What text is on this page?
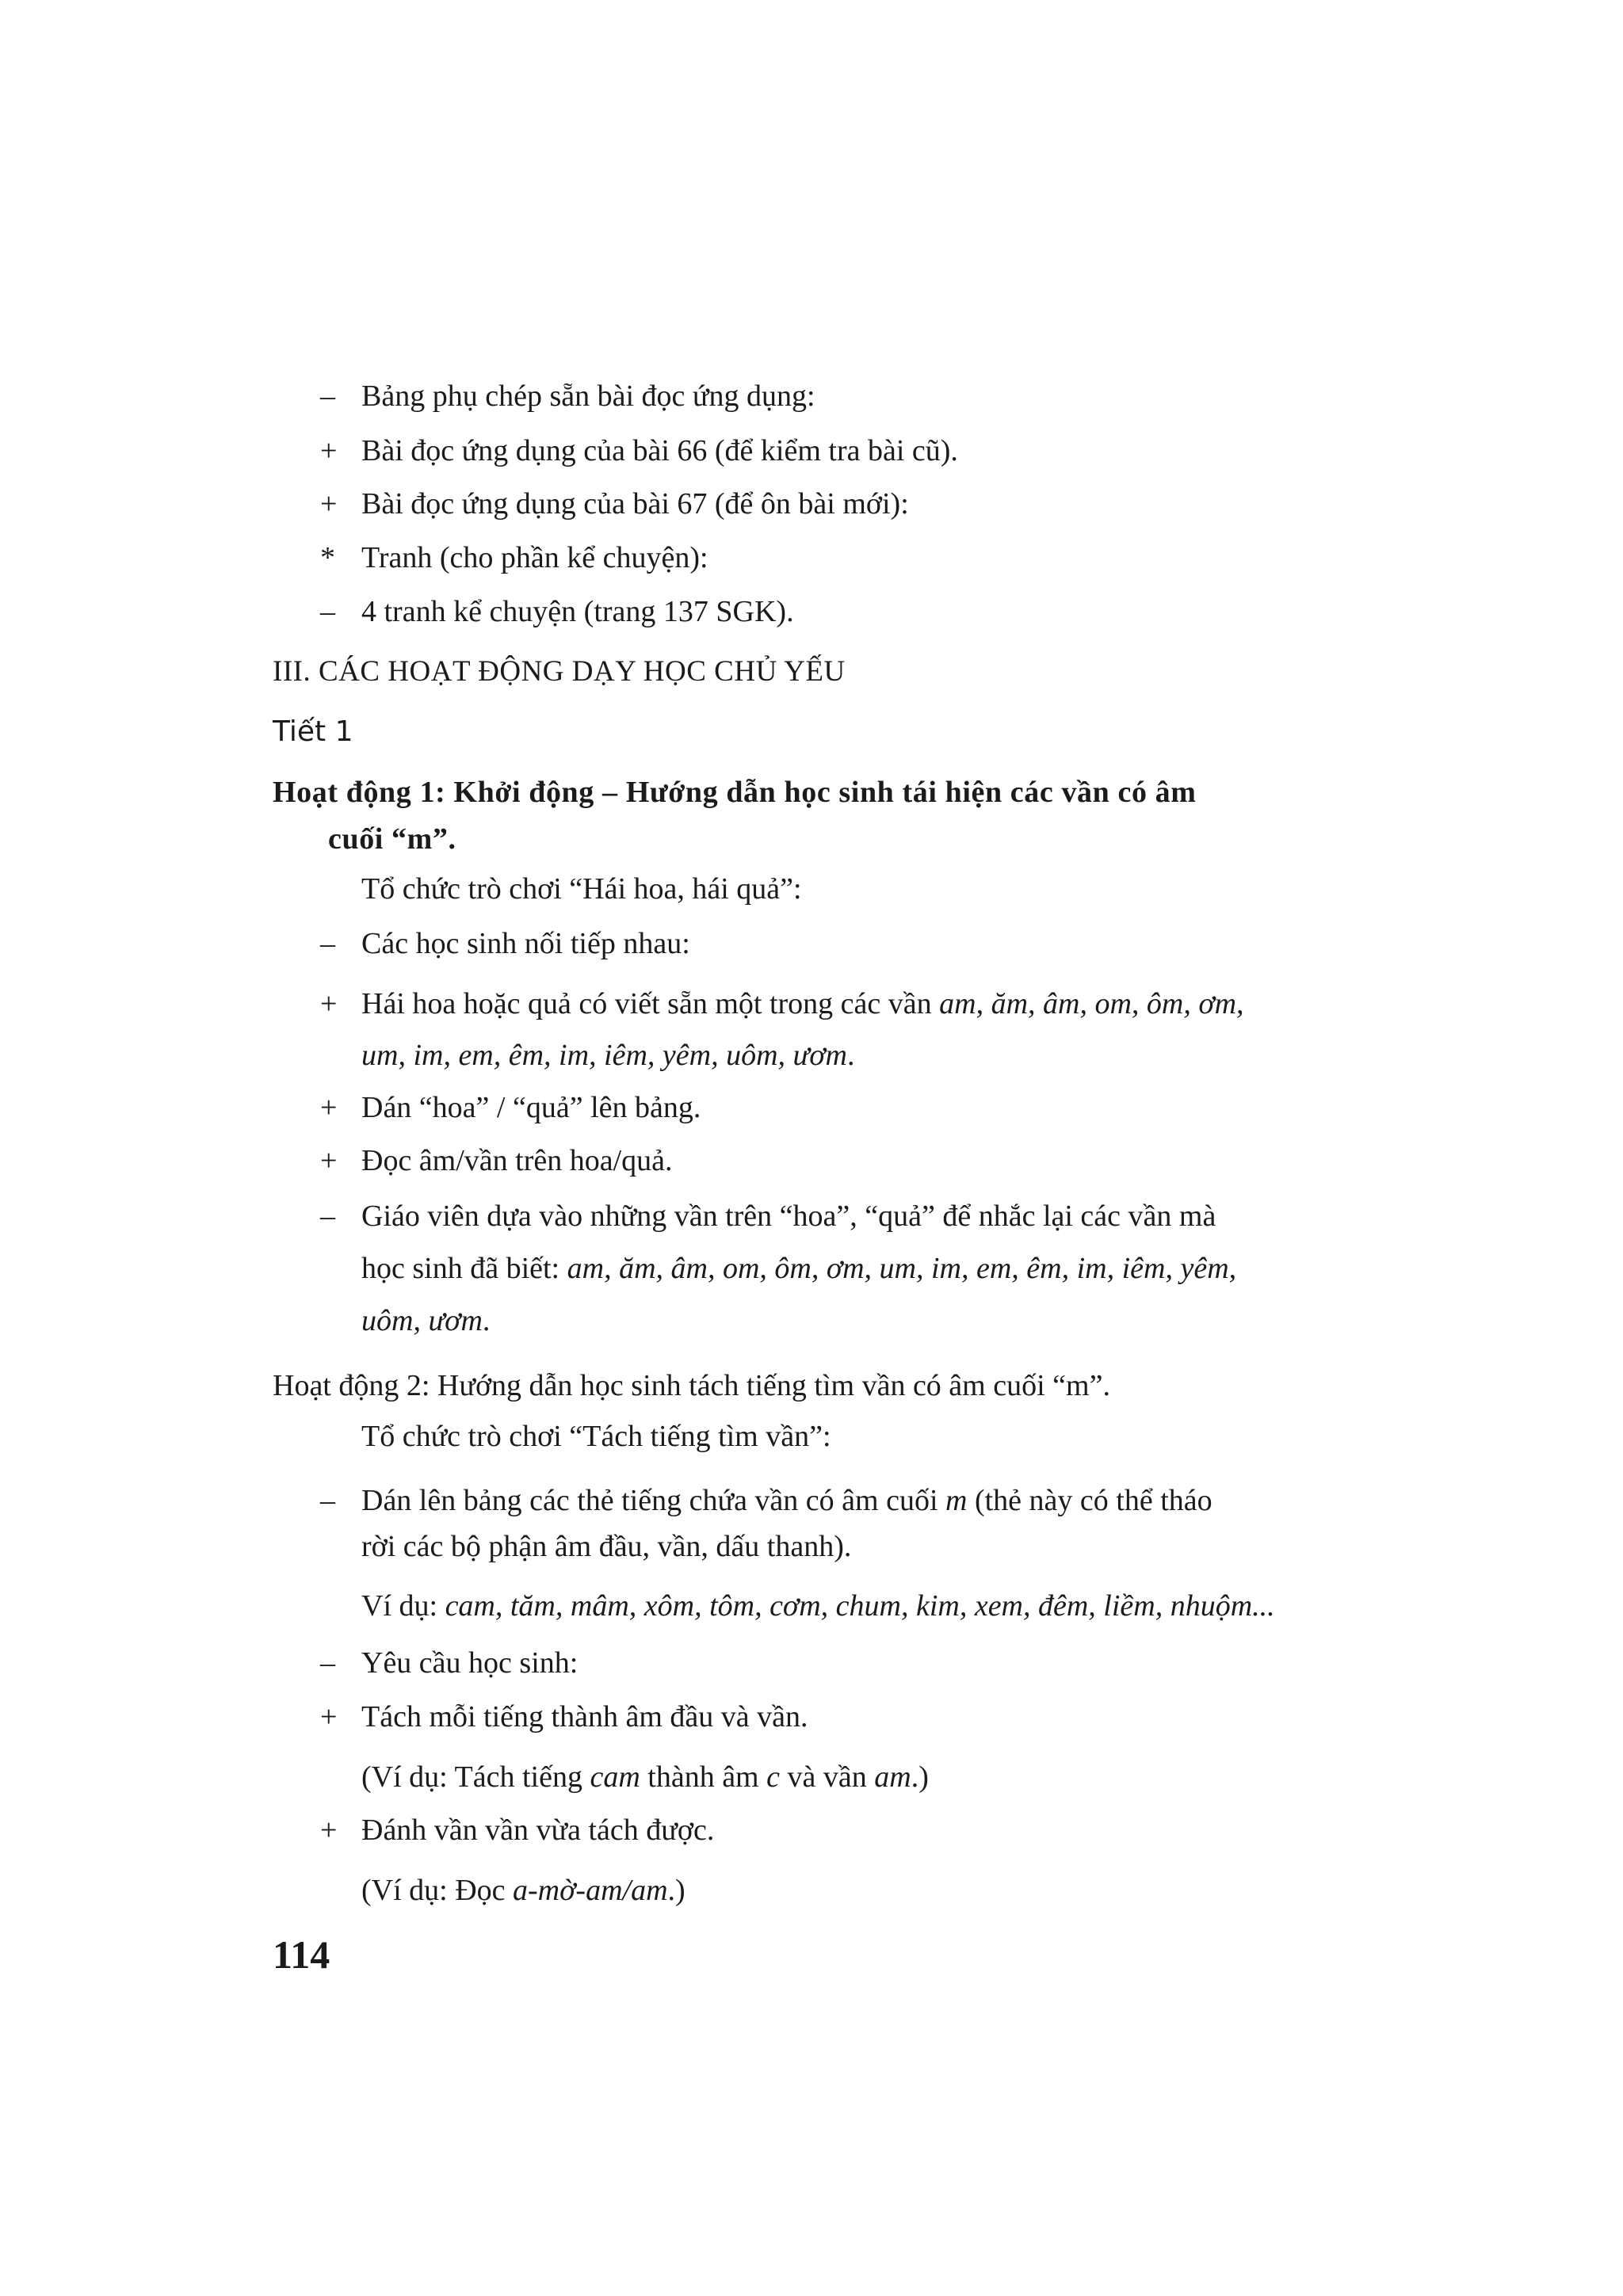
– Bảng phụ chép sẵn bài đọc ứng dụng:
+ Bài đọc ứng dụng của bài 66 (để kiểm tra bài cũ).
+ Bài đọc ứng dụng của bài 67 (để ôn bài mới):
* Tranh (cho phần kể chuyện):
– 4 tranh kể chuyện (trang 137 SGK).
III. CÁC HOẠT ĐỘNG DẠY HỌC CHỦ YẾU
Tiết 1
Hoạt động 1: Khởi động – Hướng dẫn học sinh tái hiện các vần có âm
cuối “m”.
Tổ chức trò chơi “Hái hoa, hái quả”:
– Các học sinh nối tiếp nhau:
+ Hái hoa hoặc quả có viết sẵn một trong các vần am, ăm, âm, om, ôm, ơm,
um, im, em, êm, im, iêm, yêm, uôm, ươm.
+ Dán “hoa” / “quả” lên bảng.
+ Đọc âm/vần trên hoa/quả.
– Giáo viên dựa vào những vần trên “hoa”, “quả” để nhắc lại các vần mà
học sinh đã biết: am, ăm, âm, om, ôm, ơm, um, im, em, êm, im, iêm, yêm,
uôm, ươm.
Hoạt động 2: Hướng dẫn học sinh tách tiếng tìm vần có âm cuối “m”.
Tổ chức trò chơi “Tách tiếng tìm vần”:
– Dán lên bảng các thẻ tiếng chứa vần có âm cuối m (thẻ này có thể tháo
rời các bộ phận âm đầu, vần, dấu thanh).
Ví dụ: cam, tăm, mâm, xôm, tôm, cơm, chum, kim, xem, đêm, liềm, nhuộm...
– Yêu cầu học sinh:
+ Tách mỗi tiếng thành âm đầu và vần.
(Ví dụ: Tách tiếng cam thành âm c và vần am.)
+ Đánh vần vần vừa tách được.
(Ví dụ: Đọc a-mờ-am/am.)
114
